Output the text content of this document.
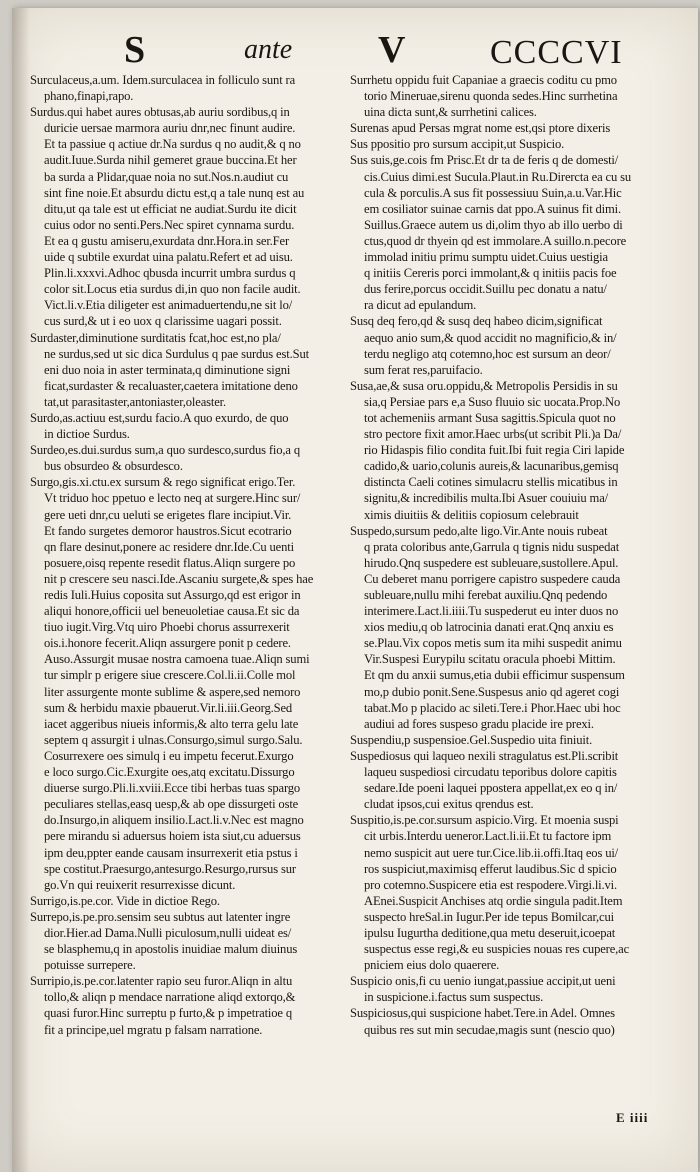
S	ante V CCCCVI
Surculaceus,a.um. Idem.surculacea in folliculo sunt ra
phano,finapi,rapo.
Surdus.qui habet aures obtusas,ab auriu sordibus,q in
duricie uersae marmora auriu dnr,nec finunt audire.
Et ta passiue q actiue dr.Na surdus q no audit,& q no
audit.Iuue.Surda nihil gemeret graue buccina.Et her
ba surda a Plidar,quae noia no sut.Nos.n.audiut cu
sint fine noie.Et absurdu dictu est,q a tale nunq est au
ditu,ut qa tale est ut efficiat ne audiat.Surdu ite dicit
cuius odor no senti.Pers.Nec spiret cynnama surdu.
Et ea q gustu amiseru,exurdata dnr.Hora.in ser.Fer
uide q subtile exurdat uina palatu.Refert et ad uisu.
Plin.li.xxxvi.Adhoc qbusda incurrit umbra surdus q
color sit.Locus etia surdus di,in quo non facile audit.
Vict.li.v.Etia diligeter est animaduertendu,ne sit lo/
cus surd,& ut i eo uox q clarissime uagari possit.
Surdaster,diminutione surditatis fcat,hoc est,no pla/
ne surdus,sed ut sic dica Surdulus q pae surdus est.Sut
eni duo noia in aster terminata,q diminutione signi
ficat,surdaster & recaluaster,caetera imitatione deno
tat,ut parasitaster,antoniaster,oleaster.
Surdo,as.actiuu est,surdu facio.A quo exurdo, de quo
in dictioe Surdus.
Surdeo,es.dui.surdus sum,a quo surdesco,surdus fio,a q
bus obsurdeo & obsurdesco.
Surgo,gis.xi.ctu.ex sursum & rego significat erigo.Ter.
Vt triduo hoc ppetuo e lecto neq at surgere.Hinc sur/
gere ueti dnr,cu ueluti se erigetes flare incipiut.Vir.
Et fando surgetes demoror haustros.Sicut ecotrario
qn flare desinut,ponere ac residere dnr.Ide.Cu uenti
posuere,oisq repente resedit flatus.Aliqn surgere po
nit p crescere seu nasci.Ide.Ascaniu surgete,& spes hae
redis Iuli.Huius coposita sut Assurgo,qd est erigor in
aliqui honore,officii uel beneuoletiae causa.Et sic da
tiuo iugit.Virg.Vtq uiro Phoebi chorus assurrexerit
ois.i.honore fecerit.Aliqn assurgere ponit p cedere.
Auso.Assurgit musae nostra camoena tuae.Aliqn sumi
tur simplr p erigere siue crescere.Col.li.ii.Colle mol
liter assurgente monte sublime & aspere,sed nemoro
sum & herbidu maxie pbauerut.Vir.li.iii.Georg.Sed
iacet aggeribus niueis informis,& alto terra gelu late
septem q assurgit i ulnas.Consurgo,simul surgo.Salu.
Cosurrexere oes simulq i eu impetu fecerut.Exurgo
e loco surgo.Cic.Exurgite oes,atq excitatu.Dissurgo
diuerse surgo.Pli.li.xviii.Ecce tibi herbas tuas spargo
peculiares stellas,easq uesp,& ab ope dissurgeti oste
do.Insurgo,in aliquem insilio.Lact.li.v.Nec est magno
pere mirandu si aduersus hoiem ista siut,cu aduersus
ipm deu,ppter eande causam insurrexerit etia pstus i
spe costitut.Praesurgo,antesurgo.Resurgo,rursus sur
go.Vn qui reuixerit resurrexisse dicunt.
Surrigo,is.pe.cor. Vide in dictioe Rego.
Surrepo,is.pe.pro.sensim seu subtus aut latenter ingre
dior.Hier.ad Dama.Nulli piculosum,nulli uideat es/
se blasphemu,q in apostolis inuidiae malum diuinus
potuisse surrepere.
Surripio,is.pe.cor.latenter rapio seu furor.Aliqn in altu
tollo,& aliqn p mendace narratione aliqd extorqo,&
quasi furor.Hinc surreptu p furto,& p impetratioe q
fit a principe,uel mgratu p falsam narratione.
Surrhetu oppidu fuit Capaniae a graecis coditu cu pmo
torio Mineruae,sirenu quonda sedes.Hinc surrhetina
uina dicta sunt,& surrhetini calices.
Surenas apud Persas mgrat nome est,qsi ptore dixeris
Sus ppositio pro sursum accipit,ut Suspicio.
Sus suis,ge.cois fm Prisc.Et dr ta de feris q de domesti/
cis.Cuius dimi.est Sucula.Plaut.in Ru.Dirercta ea cu su
cula & porculis.A sus fit possessiuu Suin,a.u.Var.Hic
em cosiliator suinae carnis dat ppo.A suinus fit dimi.
Suillus.Graece autem us di,olim thyo ab illo uerbo di
ctus,quod dr thyein qd est immolare.A suillo.n.pecore
immolad initiu primu sumptu uidet.Cuius uestigia
q initiis Cereris porci immolant,& q initiis pacis foe
dus ferire,porcus occidit.Suillu pec donatu a natu/
ra dicut ad epulandum.
Susq deq fero,qd & susq deq habeo dicim,significat
aequo anio sum,& quod accidit no magnificio,& in/
terdu negligo atq cotemno,hoc est sursum an deor/
sum ferat res,paruifacio.
Susa,ae,& susa oru.oppidu,& Metropolis Persidis in su
sia,q Persiae pars e,a Suso fluuio sic uocata.Prop.No
tot achemeniis armant Susa sagittis.Spicula quot no
stro pectore fixit amor.Haec urbs(ut scribit Pli.)a Da/
rio Hidaspis filio condita fuit.Ibi fuit regia Ciri lapide
cadido,& uario,colunis aureis,& lacunaribus,gemisq
distincta Caeli cotines simulacru stellis micatibus in
signitu,& incredibilis multa.Ibi Asuer couiuiu ma/
ximis diuitiis & delitiis copiosum celebrauit
Suspedo,sursum pedo,alte ligo.Vir.Ante nouis rubeat
q prata coloribus ante,Garrula q tignis nidu suspedat
hirudo.Qnq suspedere est subleuare,sustollere.Apul.
Cu deberet manu porrigere capistro suspedere cauda
subleuare,nullu mihi ferebat auxiliu.Qnq pedendo
interimere.Lact.li.iiii.Tu suspederut eu inter duos no
xios mediu,q ob latrocinia danati erat.Qnq anxiu es
se.Plau.Vix copos metis sum ita mihi suspedit animu
Vir.Suspesi Eurypilu scitatu oracula phoebi Mittim.
Et qm du anxii sumus,etia dubii efficimur suspensum
mo,p dubio ponit.Sene.Suspesus anio qd ageret cogi
tabat.Mo p placido ac sileti.Tere.i Phor.Haec ubi hoc
audiui ad fores suspeso gradu placide ire prexi.
Suspendiu,p suspensioe.Gel.Suspedio uita finiuit.
Suspediosus qui laqueo nexili stragulatus est.Pli.scribit
laqueu suspediosi circudatu teporibus dolore capitis
sedare.Ide poeni laquei ppostera appellat,ex eo q in/
cludat ipsos,cui exitus qrendus est.
Suspitio,is.pe.cor.sursum aspicio.Virg. Et moenia suspi
cit urbis.Interdu ueneror.Lact.li.ii.Et tu factore ipm
nemo suspicit aut uere tur.Cice.lib.ii.offi.Itaq eos ui/
ros suspiciut,maximisq efferut laudibus.Sic d spicio
pro cotemno.Suspicere etia est respodere.Virgi.li.vi.
AEnei.Suspicit Anchises atq ordie singula padit.Item
suspecto hreSal.in Iugur.Per ide tepus Bomilcar,cui
ipulsu Iugurtha deditione,qua metu deseruit,icoepat
suspectus esse regi,& eu suspicies nouas res cupere,ac
pniciem eius dolo quaerere.
Suspicio onis,fi cu uenio iungat,passiue accipit,ut ueni
in suspicione.i.factus sum suspectus.
Suspiciosus,qui suspicione habet.Tere.in Adel. Omnes
quibus res sut min secudae,magis sunt (nescio quo)
E iiii
